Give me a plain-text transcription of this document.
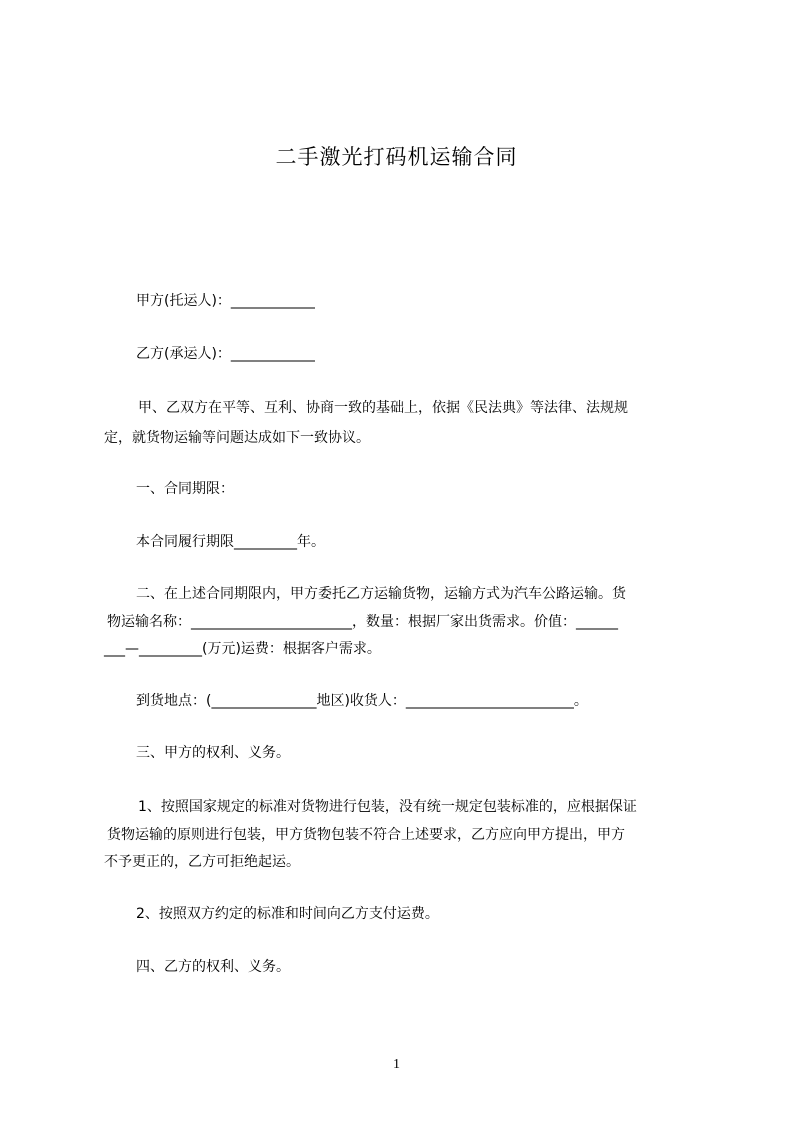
二手激光打码机运输合同
甲方(托运人)：____________
乙方(承运人)：____________
甲、乙双方在平等、互利、协商一致的基础上，依据《民法典》等法律、法规规
定，就货物运输等问题达成如下一致协议。
一、合同期限：
本合同履行期限_________年。
二、在上述合同期限内，甲方委托乙方运输货物，运输方式为汽车公路运输。货
物运输名称：_______________________，数量：根据厂家出货需求。价值：______
___—_________(万元)运费：根据客户需求。
到货地点：(_______________地区)收货人：________________________。
三、甲方的权利、义务。
1、按照国家规定的标准对货物进行包装，没有统一规定包装标准的，应根据保证
货物运输的原则进行包装，甲方货物包装不符合上述要求，乙方应向甲方提出，甲方
不予更正的，乙方可拒绝起运。
2、按照双方约定的标准和时间向乙方支付运费。
四、乙方的权利、义务。
1
